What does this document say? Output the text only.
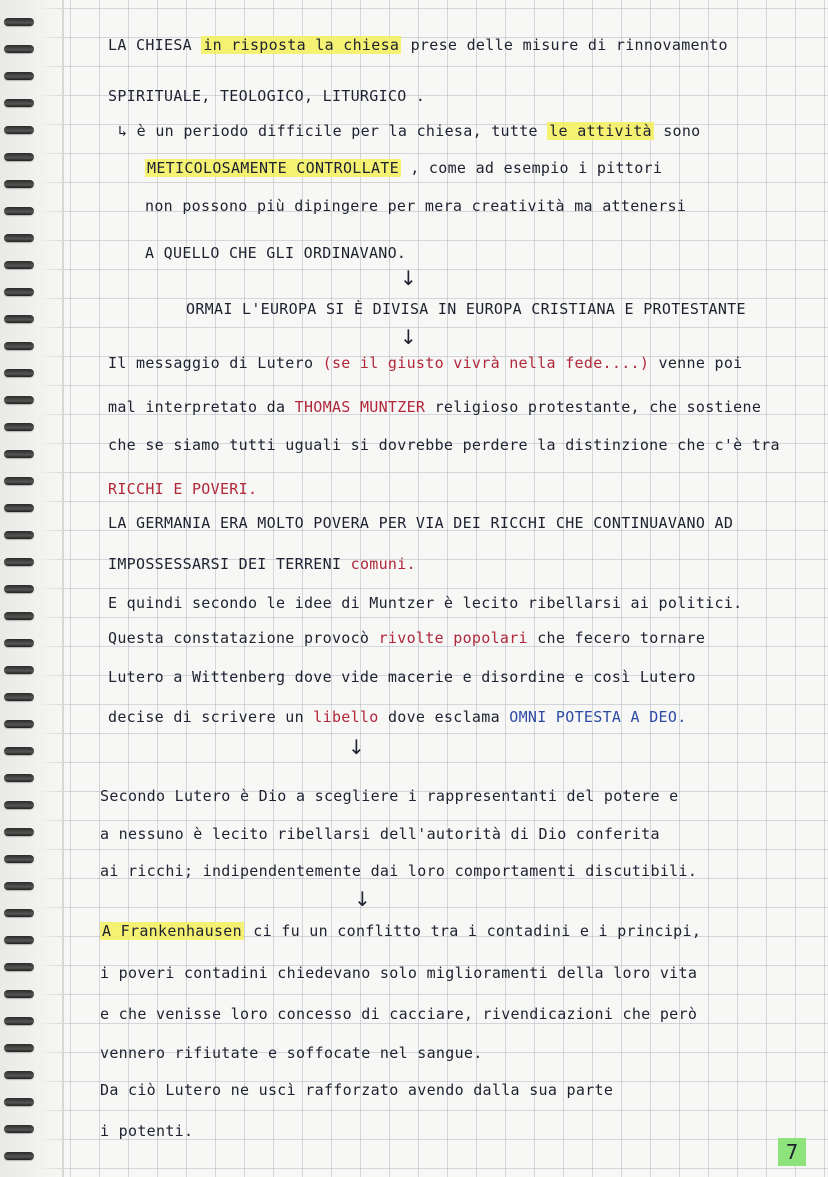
LA CHIESA in risposta la chiesa prese delle misure di rinnovamento
SPIRITUALE, TEOLOGICO, LITURGICO .
↳ è un periodo difficile per la chiesa, tutte le attività sono
METICOLOSAMENTE CONTROLLATE , come ad esempio i pittori
non possono più dipingere per mera creatività ma attenersi
A QUELLO CHE GLI ORDINAVANO.
↓
ORMAI L'EUROPA SI È DIVISA IN EUROPA CRISTIANA E PROTESTANTE
↓
Il messaggio di Lutero (se il giusto vivrà nella fede....) venne poi
mal interpretato da THOMAS MUNTZER religioso protestante, che sostiene
che se siamo tutti uguali si dovrebbe perdere la distinzione che c'è tra
RICCHI E POVERI.
LA GERMANIA ERA MOLTO POVERA PER VIA DEI RICCHI CHE CONTINUAVANO AD
IMPOSSESSARSI DEI TERRENI comuni.
E quindi secondo le idee di Muntzer è lecito ribellarsi ai politici.
Questa constatazione provocò rivolte popolari che fecero tornare
Lutero a Wittenberg dove vide macerie e disordine e così Lutero
decise di scrivere un libello dove esclama OMNI POTESTA A DEO.
↓
Secondo Lutero è Dio a scegliere i rappresentanti del potere e
a nessuno è lecito ribellarsi dell'autorità di Dio conferita
ai ricchi; indipendentemente dai loro comportamenti discutibili.
↓
A Frankenhausen ci fu un conflitto tra i contadini e i principi,
i poveri contadini chiedevano solo miglioramenti della loro vita
e che venisse loro concesso di cacciare, rivendicazioni che però
vennero rifiutate e soffocate nel sangue.
Da ciò Lutero ne uscì rafforzato avendo dalla sua parte
i potenti.
7
